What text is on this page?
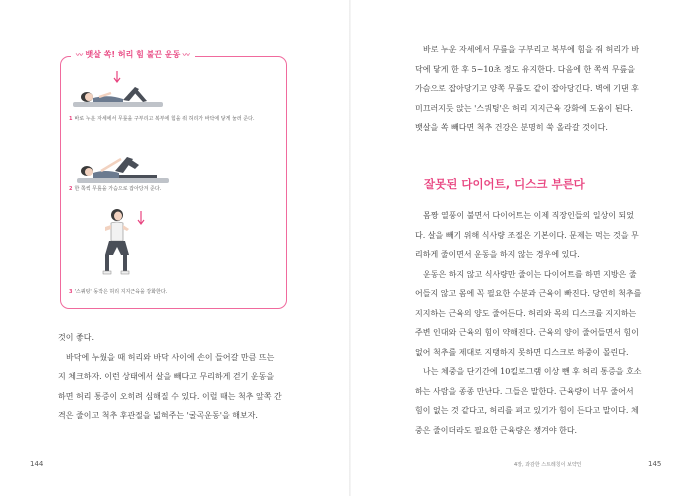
〰 뱃살 쏙! 허리 힘 불끈 운동 〰
1 바로 누운 자세에서 무릎을 구부리고 복부에 힘을 줘 허리가 바닥에 닿게 눌러 준다.
2 한 쪽씩 무릎을 가슴으로 잡아당겨 준다.
3 '스쿼팅' 동작은 허리 지지근육을 강화한다.

것이 좋다.

바닥에 누웠을 때 허리와 바닥 사이에 손이 들어갈 만큼 뜨는

지 체크하자. 이런 상태에서 살을 빼다고 무리하게 걷기 운동을

하면 허리 통증이 오히려 심해질 수 있다. 이럴 때는 척추 앞쪽 간

격은 줄이고 척추 후관절을 넓혀주는 '굴곡운동'을 해보자.

바로 누운 자세에서 무릎을 구부리고 복부에 힘을 줘 허리가 바

닥에 닿게 한 후 5~10초 정도 유지한다. 다음에 한 쪽씩 무릎을

가슴으로 잡아당기고 양쪽 무릎도 같이 잡아당긴다. 벽에 기댄 후

미끄러지듯 앉는 '스쿼팅'은 허리 지지근육 강화에 도움이 된다.

뱃살을 쏙 빼다면 척추 건강은 분명히 쑥 올라갈 것이다.

잘못된 다이어트, 디스크 부른다

몸짱 열풍이 불면서 다이어트는 이제 직장인들의 일상이 되었

다. 살을 빼기 위해 식사량 조절은 기본이다. 문제는 먹는 것을 무

리하게 줄이면서 운동을 하지 않는 경우에 있다.

운동은 하지 않고 식사량만 줄이는 다이어트를 하면 지방은 줄

어들지 않고 몸에 꼭 필요한 수분과 근육이 빠진다. 당연히 척추를

지지하는 근육의 양도 줄어든다. 허리와 목의 디스크를 지지하는

주변 인대와 근육의 힘이 약해진다. 근육의 양이 줄어들면서 힘이

없어 척추를 제대로 지탱하지 못하면 디스크로 하중이 몰린다.

나는 체중을 단기간에 10킬로그램 이상 뺀 후 허리 통증을 호소

하는 사람을 종종 만난다. 그들은 말한다. 근육량이 너무 줄어서

힘이 없는 것 같다고, 허리를 펴고 있기가 힘이 든다고 말이다. 체

중은 줄이더라도 필요한 근육량은 챙겨야 한다.

144	4장, 과감한 스트레칭이 보약인	145
